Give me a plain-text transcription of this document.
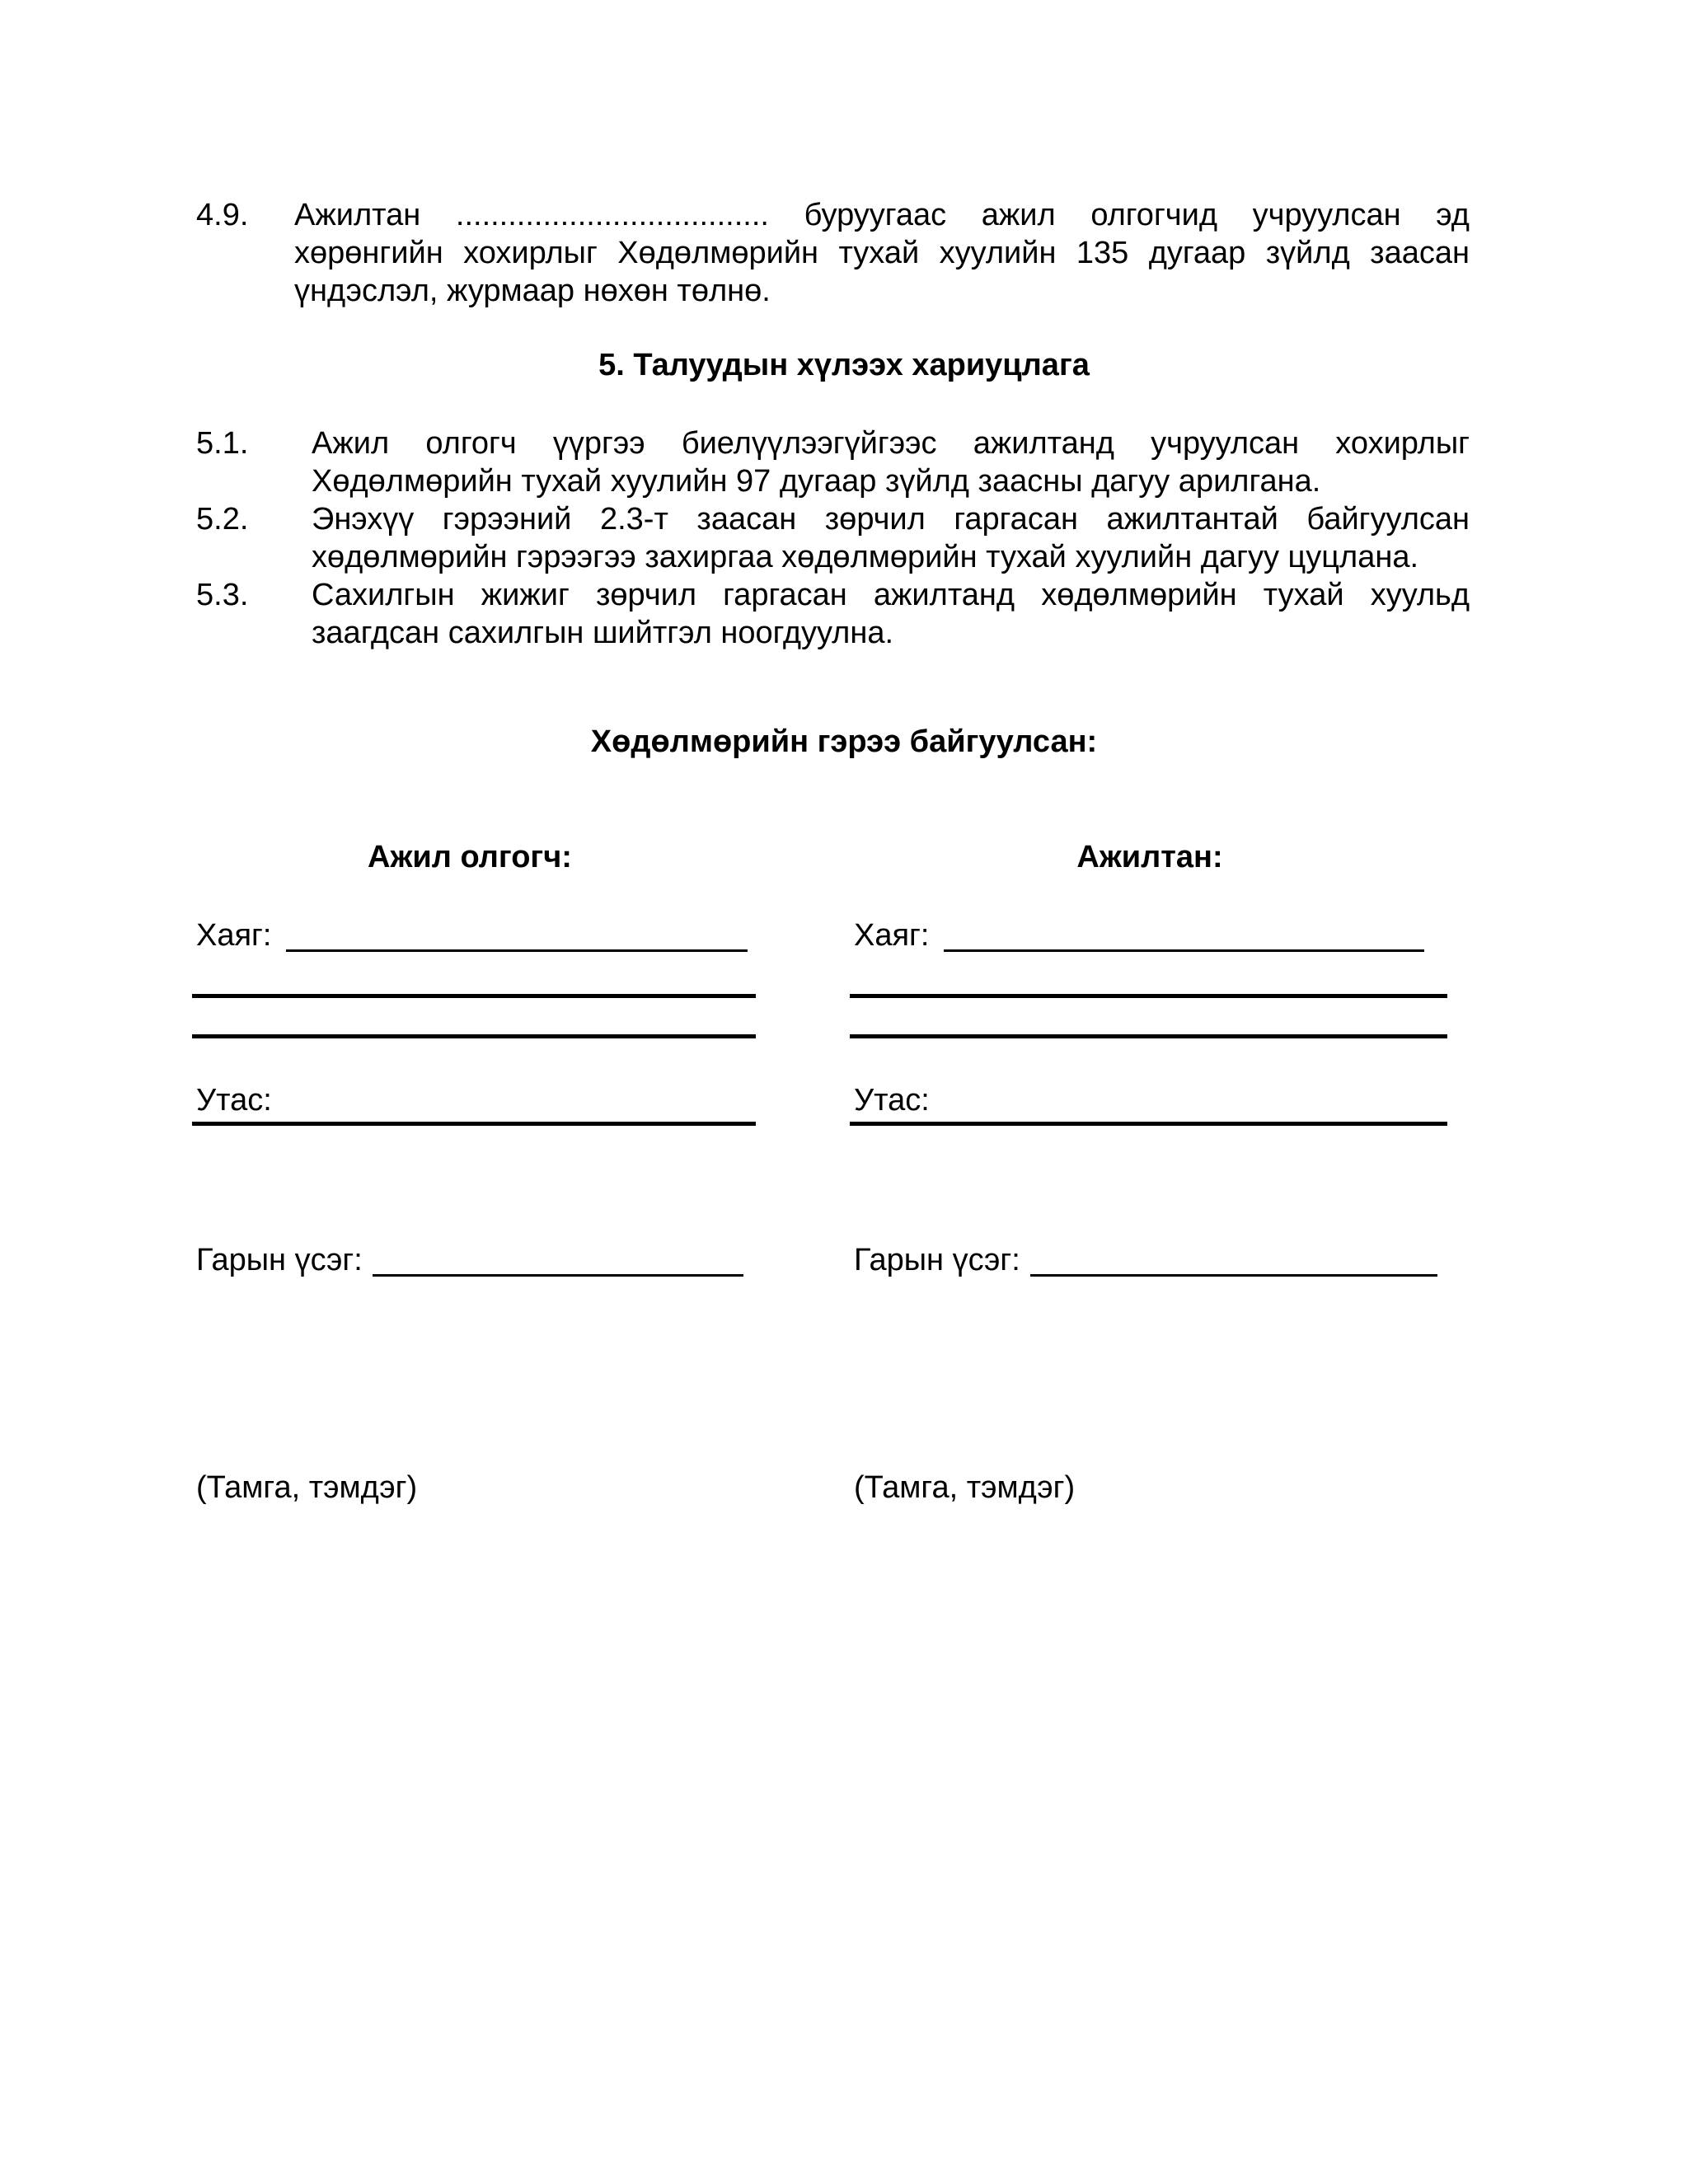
4.9. Ажилтан .................................... буруугаас ажил олгогчид учруулсан эд
хөрөнгийн хохирлыг Хөдөлмөрийн тухай хуулийн 135 дугаар зүйлд заасан
үндэслэл, журмаар нөхөн төлнө.
5. Талуудын хүлээх хариуцлага
5.1. Ажил олгогч үүргээ биелүүлээгүйгээс ажилтанд учруулсан хохирлыг
Хөдөлмөрийн тухай хуулийн 97 дугаар зүйлд заасны дагуу арилгана.
5.2. Энэхүү гэрээний 2.3-т заасан зөрчил гаргасан ажилтантай байгуулсан
хөдөлмөрийн гэрээгээ захиргаа хөдөлмөрийн тухай хуулийн дагуу цуцлана.
5.3. Сахилгын жижиг зөрчил гаргасан ажилтанд хөдөлмөрийн тухай хуульд
заагдсан сахилгын шийтгэл ноогдуулна.
Хөдөлмөрийн гэрээ байгуулсан:
Ажил олгогч:
Хаяг:
Утас:
Гарын үсэг:
(Тамга, тэмдэг)
Ажилтан:
Хаяг:
Утас:
Гарын үсэг:
(Тамга, тэмдэг)
